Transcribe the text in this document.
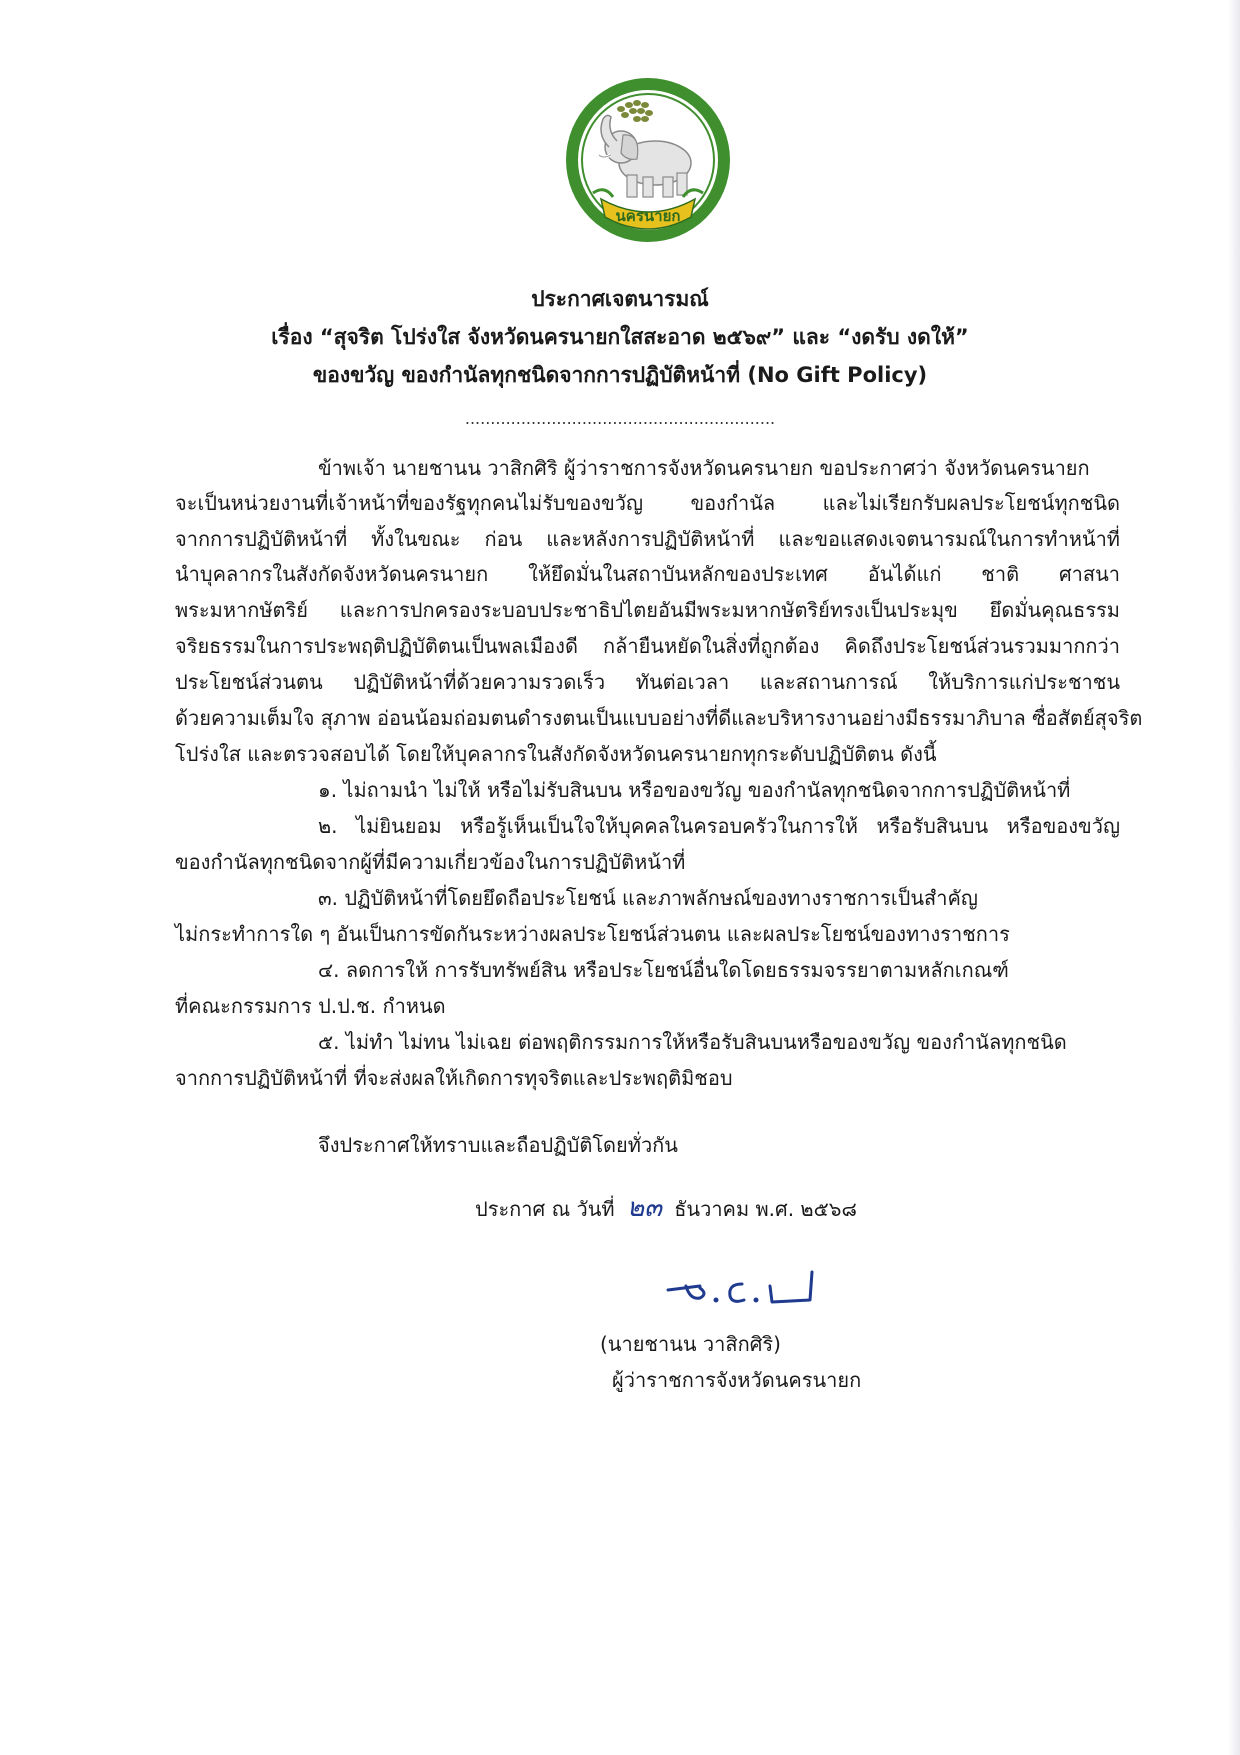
นครนายก
ประกาศเจตนารมณ์
เรื่อง “สุจริต โปร่งใส จังหวัดนครนายกใสสะอาด ๒๕๖๙” และ “งดรับ งดให้”
ของขวัญ ของกำนัลทุกชนิดจากการปฏิบัติหน้าที่ (No Gift Policy)
.............................................................
ข้าพเจ้า นายชานน วาสิกศิริ ผู้ว่าราชการจังหวัดนครนายก ขอประกาศว่า จังหวัดนครนายก
จะเป็นหน่วยงานที่เจ้าหน้าที่ของรัฐทุกคนไม่รับของขวัญ ของกำนัล และไม่เรียกรับผลประโยชน์ทุกชนิด
จากการปฏิบัติหน้าที่ ทั้งในขณะ ก่อน และหลังการปฏิบัติหน้าที่ และขอแสดงเจตนารมณ์ในการทำหน้าที่
นำบุคลากรในสังกัดจังหวัดนครนายก ให้ยึดมั่นในสถาบันหลักของประเทศ อันได้แก่ ชาติ ศาสนา
พระมหากษัตริย์ และการปกครองระบอบประชาธิปไตยอันมีพระมหากษัตริย์ทรงเป็นประมุข ยึดมั่นคุณธรรม
จริยธรรมในการประพฤติปฏิบัติตนเป็นพลเมืองดี กล้ายืนหยัดในสิ่งที่ถูกต้อง คิดถึงประโยชน์ส่วนรวมมากกว่า
ประโยชน์ส่วนตน ปฏิบัติหน้าที่ด้วยความรวดเร็ว ทันต่อเวลา และสถานการณ์ ให้บริการแก่ประชาชน
ด้วยความเต็มใจ สุภาพ อ่อนน้อมถ่อมตนดำรงตนเป็นแบบอย่างที่ดีและบริหารงานอย่างมีธรรมาภิบาล ซื่อสัตย์สุจริต
โปร่งใส และตรวจสอบได้ โดยให้บุคลากรในสังกัดจังหวัดนครนายกทุกระดับปฏิบัติตน ดังนี้
๑. ไม่ถามนำ ไม่ให้ หรือไม่รับสินบน หรือของขวัญ ของกำนัลทุกชนิดจากการปฏิบัติหน้าที่
๒. ไม่ยินยอม หรือรู้เห็นเป็นใจให้บุคคลในครอบครัวในการให้ หรือรับสินบน หรือของขวัญ
ของกำนัลทุกชนิดจากผู้ที่มีความเกี่ยวข้องในการปฏิบัติหน้าที่
๓. ปฏิบัติหน้าที่โดยยึดถือประโยชน์ และภาพลักษณ์ของทางราชการเป็นสำคัญ
ไม่กระทำการใด ๆ อันเป็นการขัดกันระหว่างผลประโยชน์ส่วนตน และผลประโยชน์ของทางราชการ
๔. ลดการให้ การรับทรัพย์สิน หรือประโยชน์อื่นใดโดยธรรมจรรยาตามหลักเกณฑ์
ที่คณะกรรมการ ป.ป.ช. กำหนด
๕. ไม่ทำ ไม่ทน ไม่เฉย ต่อพฤติกรรมการให้หรือรับสินบนหรือของขวัญ ของกำนัลทุกชนิด
จากการปฏิบัติหน้าที่ ที่จะส่งผลให้เกิดการทุจริตและประพฤติมิชอบ
จึงประกาศให้ทราบและถือปฏิบัติโดยทั่วกัน
ประกาศ ณ วันที่ ๒๓ ธันวาคม พ.ศ. ๒๕๖๘
(นายชานน วาสิกศิริ)
ผู้ว่าราชการจังหวัดนครนายก
